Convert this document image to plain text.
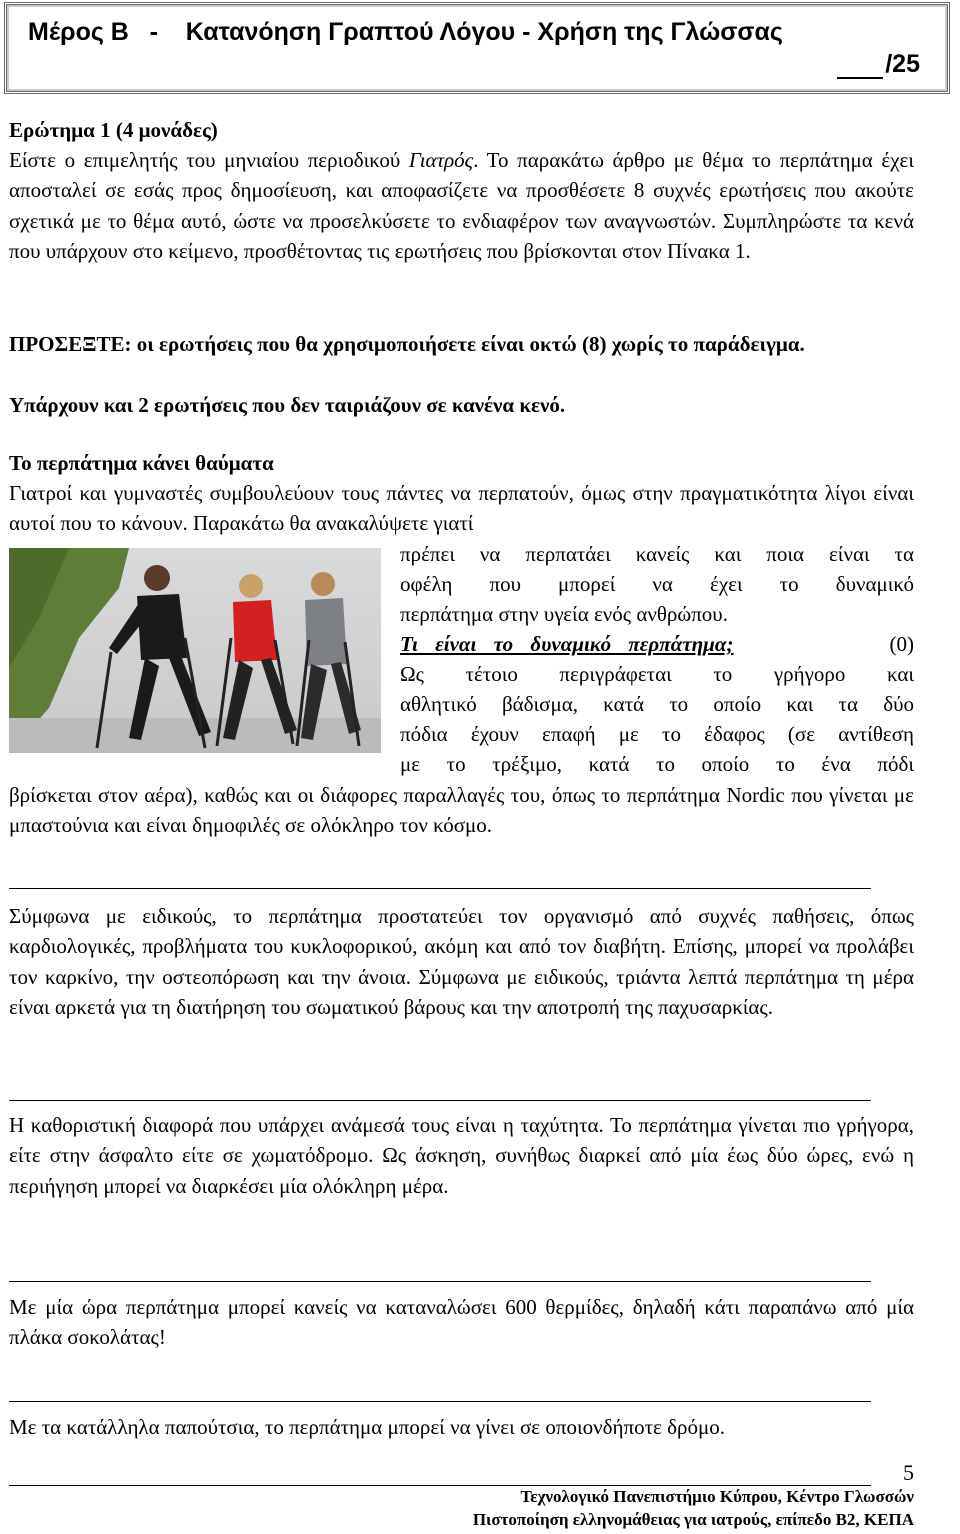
Μέρος Β   -    Κατανόηση Γραπτού Λόγου - Χρήση της Γλώσσας
/25
Ερώτημα 1 (4 μονάδες)
Είστε ο επιμελητής του μηνιαίου περιοδικού Γιατρός. Το παρακάτω άρθρο με θέμα το περπάτημα έχει αποσταλεί σε εσάς προς δημοσίευση, και αποφασίζετε να προσθέσετε 8 συχνές ερωτήσεις που ακούτε σχετικά με το θέμα αυτό, ώστε να προσελκύσετε το ενδιαφέρον των αναγνωστών. Συμπληρώστε τα κενά που υπάρχουν στο κείμενο, προσθέτοντας τις ερωτήσεις που βρίσκονται στον Πίνακα 1.
ΠΡΟΣΕΞΤΕ: οι ερωτήσεις που θα χρησιμοποιήσετε είναι οκτώ (8) χωρίς το παράδειγμα.
Υπάρχουν και 2 ερωτήσεις που δεν ταιριάζουν σε κανένα κενό.
Το περπάτημα κάνει θαύματα
Γιατροί και γυμναστές συμβουλεύουν τους πάντες να περπατούν, όμως στην πραγματικότητα λίγοι είναι αυτοί που το κάνουν. Παρακάτω θα ανακαλύψετε γιατί
πρέπει να περπατάει κανείς και ποια είναι τα
οφέλη που μπορεί να έχει το δυναμικό
περπάτημα στην υγεία ενός ανθρώπου.
Τι είναι το δυναμικό περπάτημα;	(0)
Ως τέτοιο περιγράφεται το γρήγορο και
αθλητικό βάδισμα, κατά το οποίο και τα δύο
πόδια έχουν επαφή με το έδαφος (σε αντίθεση
με το τρέξιμο, κατά το οποίο το ένα πόδι
βρίσκεται στον αέρα), καθώς και οι διάφορες παραλλαγές του, όπως το περπάτημα Nordic που γίνεται με μπαστούνια και είναι δημοφιλές σε ολόκληρο τον κόσμο.
Σύμφωνα με ειδικούς, το περπάτημα προστατεύει τον οργανισμό από συχνές παθήσεις, όπως καρδιολογικές, προβλήματα του κυκλοφορικού, ακόμη και από τον διαβήτη. Επίσης, μπορεί να προλάβει τον καρκίνο, την οστεοπόρωση και την άνοια. Σύμφωνα με ειδικούς, τριάντα λεπτά περπάτημα τη μέρα είναι αρκετά για τη διατήρηση του σωματικού βάρους και την αποτροπή της παχυσαρκίας.
Η καθοριστική διαφορά που υπάρχει ανάμεσά τους είναι η ταχύτητα. Το περπάτημα γίνεται πιο γρήγορα, είτε στην άσφαλτο είτε σε χωματόδρομο. Ως άσκηση, συνήθως διαρκεί από μία έως δύο ώρες, ενώ η περιήγηση μπορεί να διαρκέσει μία ολόκληρη μέρα.
Με μία ώρα περπάτημα μπορεί κανείς να καταναλώσει 600 θερμίδες, δηλαδή κάτι παραπάνω από μία πλάκα σοκολάτας!
Με τα κατάλληλα παπούτσια, το περπάτημα μπορεί να γίνει σε οποιονδήποτε δρόμο.
5
Τεχνολογικό Πανεπιστήμιο Κύπρου, Κέντρο Γλωσσών
Πιστοποίηση ελληνομάθειας για ιατρούς, επίπεδο Β2, ΚΕΠΑ
